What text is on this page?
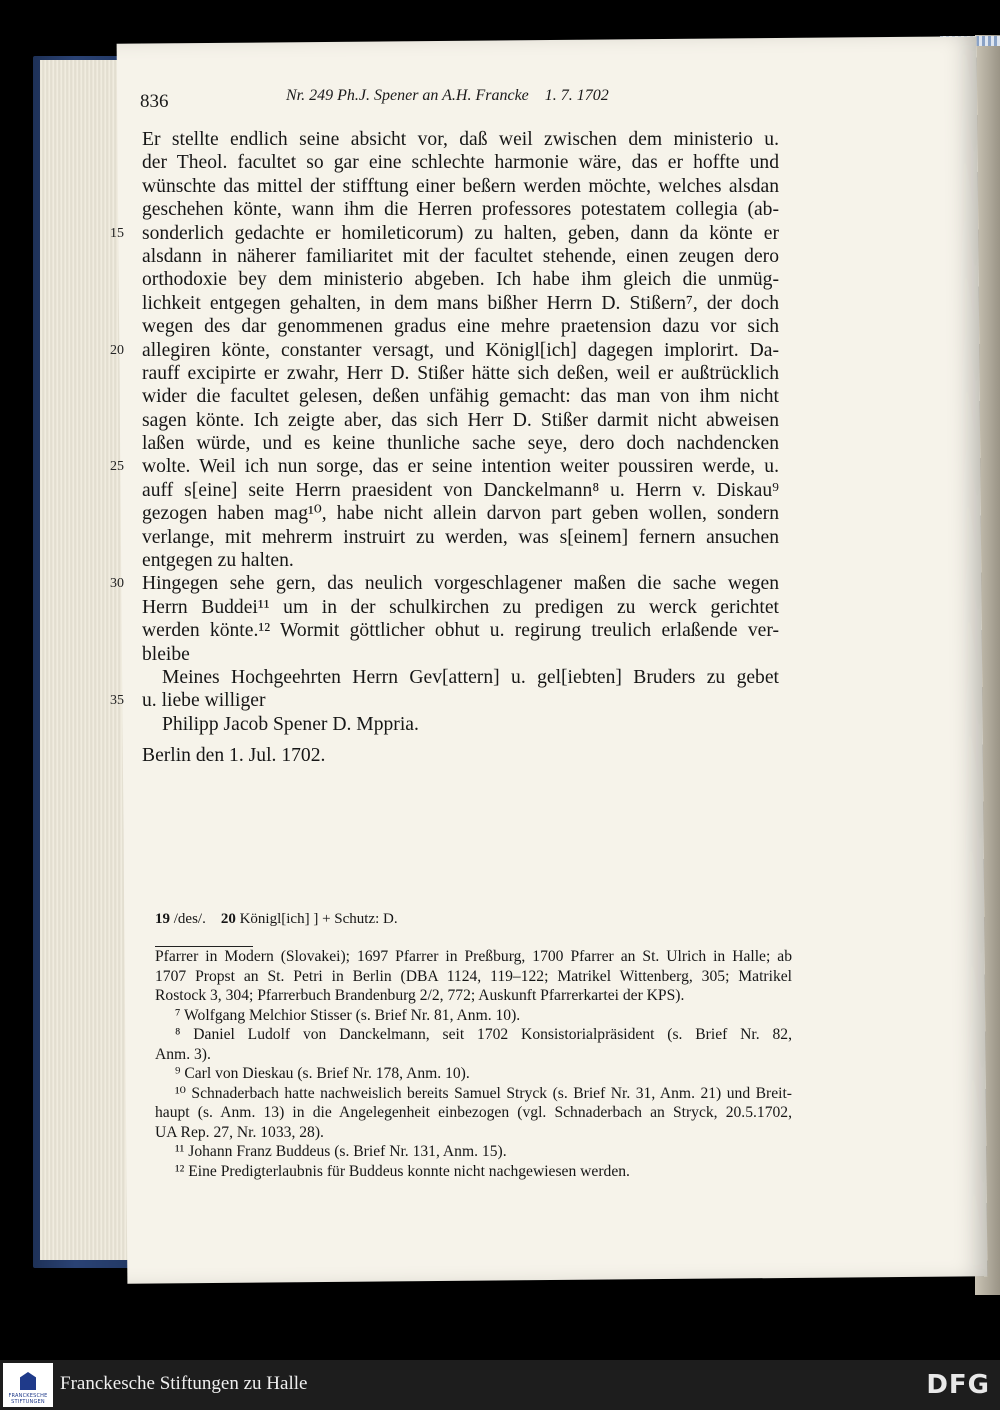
836	Nr. 249 Ph.J. Spener an A.H. Francke 1. 7. 1702
Er stellte endlich seine absicht vor, daß weil zwischen dem ministerio u.
der Theol. facultet so gar eine schlechte harmonie wäre, das er hoffte und
wünschte das mittel der stifftung einer beßern werden möchte, welches alsdan
geschehen könte, wann ihm die Herren professores potestatem collegia (ab-
15 sonderlich gedachte er homileticorum) zu halten, geben, dann da könte er
alsdann in näherer familiaritet mit der facultet stehende, einen zeugen dero
orthodoxie bey dem ministerio abgeben. Ich habe ihm gleich die unmüg-
lichkeit entgegen gehalten, in dem mans bißher Herrn D. Stißern⁷, der doch
wegen des dar genommenen gradus eine mehre praetension dazu vor sich
20 allegiren könte, constanter versagt, und Königl[ich] dagegen implorirt. Da-
rauff excipirte er zwahr, Herr D. Stißer hätte sich deßen, weil er außtrücklich
wider die facultet gelesen, deßen unfähig gemacht: das man von ihm nicht
sagen könte. Ich zeigte aber, das sich Herr D. Stißer darmit nicht abweisen
laßen würde, und es keine thunliche sache seye, dero doch nachdencken
25 wolte. Weil ich nun sorge, das er seine intention weiter poussiren werde, u.
auff s[eine] seite Herrn praesident von Danckelmann⁸ u. Herrn v. Diskau⁹
gezogen haben mag¹⁰, habe nicht allein darvon part geben wollen, sondern
verlange, mit mehrerm instruirt zu werden, was s[einem] fernern ansuchen
entgegen zu halten.
30 Hingegen sehe gern, das neulich vorgeschlagener maßen die sache wegen
Herrn Buddei¹¹ um in der schulkirchen zu predigen zu werck gerichtet
werden könte.¹² Wormit göttlicher obhut u. regirung treulich erlaßende ver-
bleibe
Meines Hochgeehrten Herrn Gev[attern] u. gel[iebten] Bruders zu gebet
35 u. liebe williger
Philipp Jacob Spener D. Mppria.
Berlin den 1. Jul. 1702.
19 /des/. 20 Königl[ich] ] + Schutz: D.
Pfarrer in Modern (Slovakei); 1697 Pfarrer in Preßburg, 1700 Pfarrer an St. Ulrich in Halle; ab
1707 Propst an St. Petri in Berlin (DBA 1124, 119–122; Matrikel Wittenberg, 305; Matrikel
Rostock 3, 304; Pfarrerbuch Brandenburg 2/2, 772; Auskunft Pfarrerkartei der KPS).
⁷ Wolfgang Melchior Stisser (s. Brief Nr. 81, Anm. 10).
⁸ Daniel Ludolf von Danckelmann, seit 1702 Konsistorialpräsident (s. Brief Nr. 82,
Anm. 3).
⁹ Carl von Dieskau (s. Brief Nr. 178, Anm. 10).
¹⁰ Schnaderbach hatte nachweislich bereits Samuel Stryck (s. Brief Nr. 31, Anm. 21) und Breit-
haupt (s. Anm. 13) in die Angelegenheit einbezogen (vgl. Schnaderbach an Stryck, 20.5.1702,
UA Rep. 27, Nr. 1033, 28).
¹¹ Johann Franz Buddeus (s. Brief Nr. 131, Anm. 15).
¹² Eine Predigterlaubnis für Buddeus konnte nicht nachgewiesen werden.
FRANCKESCHE
STIFTUNGEN
Franckesche Stiftungen zu Halle	DFG
